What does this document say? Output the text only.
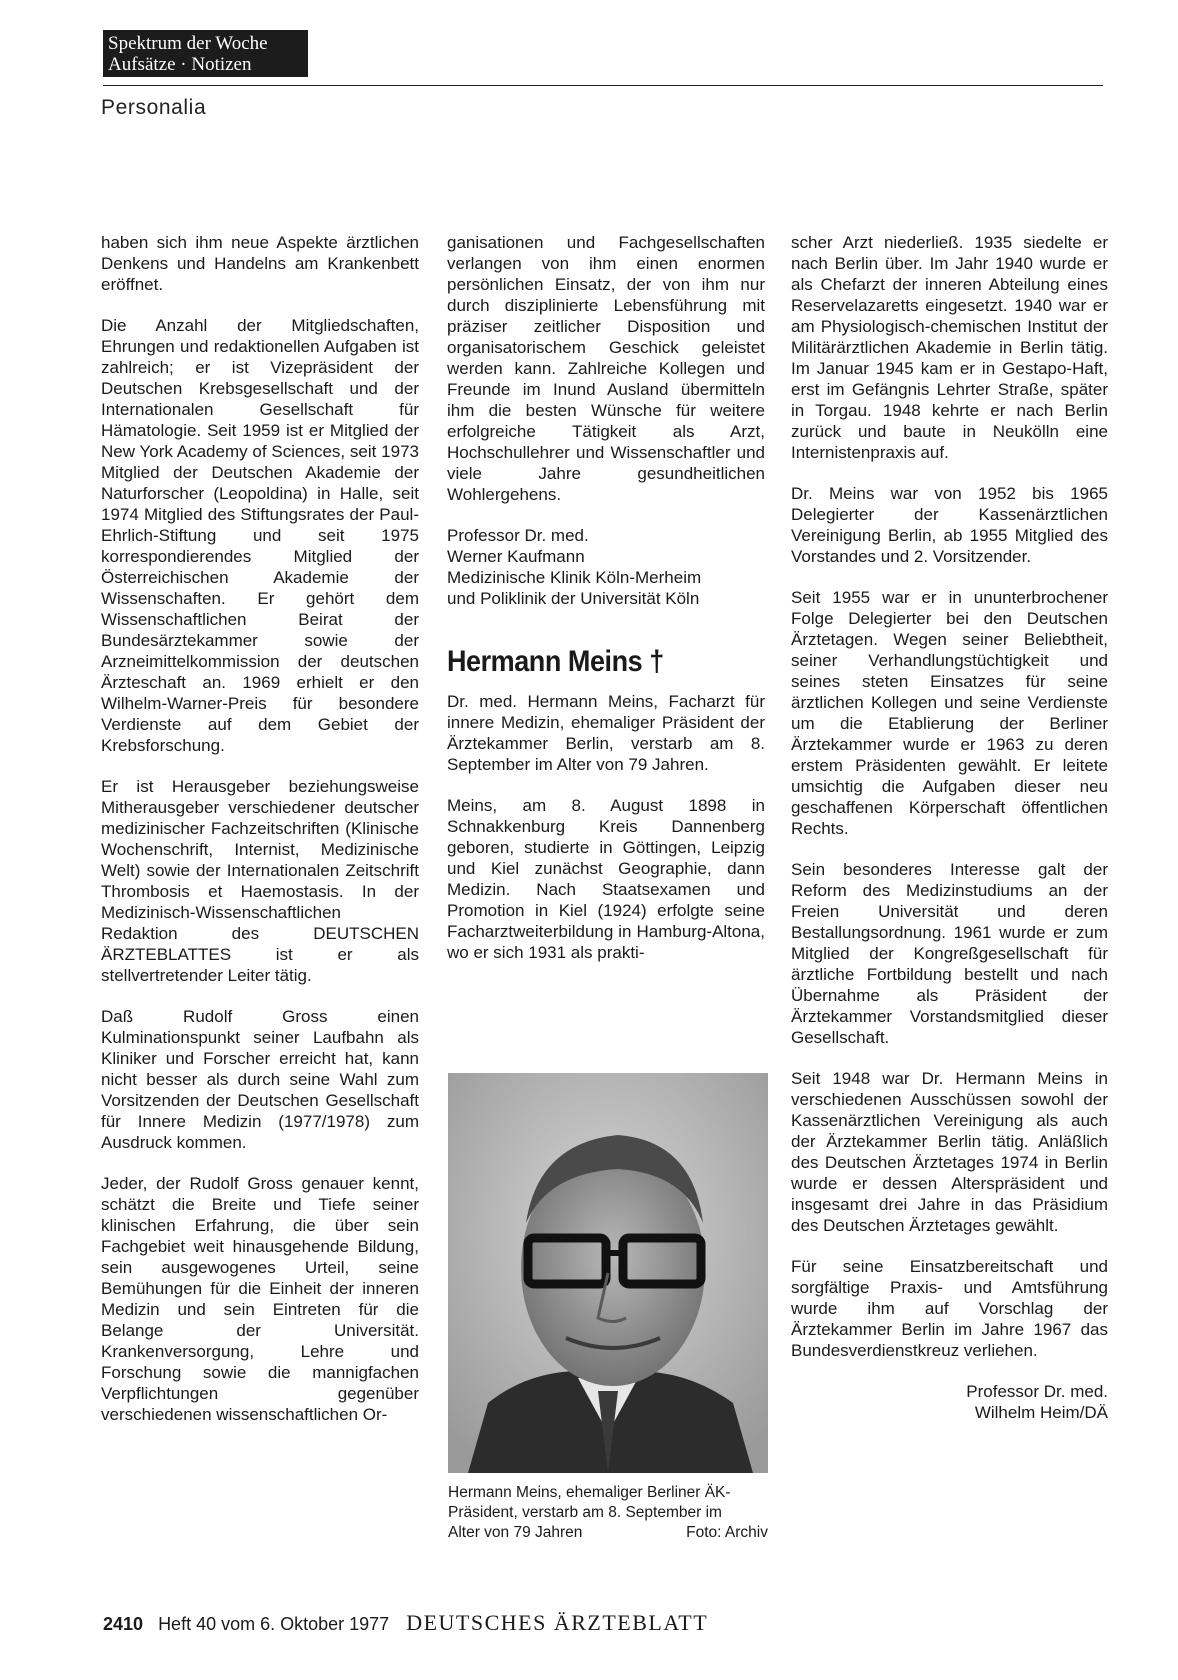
Spektrum der Woche
Aufsätze · Notizen
Personalia

haben sich ihm neue Aspekte ärztlichen Denkens und Handelns am Krankenbett eröffnet.

Die Anzahl der Mitgliedschaften, Ehrungen und redaktionellen Aufgaben ist zahlreich; er ist Vizepräsident der Deutschen Krebsgesellschaft und der Internationalen Gesellschaft für Hämatologie. Seit 1959 ist er Mitglied der New York Academy of Sciences, seit 1973 Mitglied der Deutschen Akademie der Naturforscher (Leopoldina) in Halle, seit 1974 Mitglied des Stiftungsrates der Paul-Ehrlich-Stiftung und seit 1975 korrespondierendes Mitglied der Österreichischen Akademie der Wissenschaften. Er gehört dem Wissenschaftlichen Beirat der Bundesärztekammer sowie der Arzneimittelkommission der deutschen Ärzteschaft an. 1969 erhielt er den Wilhelm-Warner-Preis für besondere Verdienste auf dem Gebiet der Krebsforschung.

Er ist Herausgeber beziehungsweise Mitherausgeber verschiedener deutscher medizinischer Fachzeitschriften (Klinische Wochenschrift, Internist, Medizinische Welt) sowie der Internationalen Zeitschrift Thrombosis et Haemostasis. In der Medizinisch-Wissenschaftlichen Redaktion des DEUTSCHEN ÄRZTEBLATTES ist er als stellvertretender Leiter tätig.

Daß Rudolf Gross einen Kulminationspunkt seiner Laufbahn als Kliniker und Forscher erreicht hat, kann nicht besser als durch seine Wahl zum Vorsitzenden der Deutschen Gesellschaft für Innere Medizin (1977/1978) zum Ausdruck kommen.

Jeder, der Rudolf Gross genauer kennt, schätzt die Breite und Tiefe seiner klinischen Erfahrung, die über sein Fachgebiet weit hinausgehende Bildung, sein ausgewogenes Urteil, seine Bemühungen für die Einheit der inneren Medizin und sein Eintreten für die Belange der Universität. Krankenversorgung, Lehre und Forschung sowie die mannigfachen Verpflichtungen gegenüber verschiedenen wissenschaftlichen Or-

ganisationen und Fachgesellschaften verlangen von ihm einen enormen persönlichen Einsatz, der von ihm nur durch disziplinierte Lebensführung mit präziser zeitlicher Disposition und organisatorischem Geschick geleistet werden kann. Zahlreiche Kollegen und Freunde im Inund Ausland übermitteln ihm die besten Wünsche für weitere erfolgreiche Tätigkeit als Arzt, Hochschullehrer und Wissenschaftler und viele Jahre gesundheitlichen Wohlergehens.

Professor Dr. med.
Werner Kaufmann
Medizinische Klinik Köln-Merheim
und Poliklinik der Universität Köln
Hermann Meins †

Dr. med. Hermann Meins, Facharzt für innere Medizin, ehemaliger Präsident der Ärztekammer Berlin, verstarb am 8. September im Alter von 79 Jahren.

Meins, am 8. August 1898 in Schnakkenburg Kreis Dannenberg geboren, studierte in Göttingen, Leipzig und Kiel zunächst Geographie, dann Medizin. Nach Staatsexamen und Promotion in Kiel (1924) erfolgte seine Facharztweiterbildung in Hamburg-Altona, wo er sich 1931 als prakti-

Hermann Meins, ehemaliger Berliner ÄK-
Präsident, verstarb am 8. September im
Alter von 79 Jahren	Foto: Archiv

scher Arzt niederließ. 1935 siedelte er nach Berlin über. Im Jahr 1940 wurde er als Chefarzt der inneren Abteilung eines Reservelazaretts eingesetzt. 1940 war er am Physiologisch-chemischen Institut der Militärärztlichen Akademie in Berlin tätig. Im Januar 1945 kam er in Gestapo-Haft, erst im Gefängnis Lehrter Straße, später in Torgau. 1948 kehrte er nach Berlin zurück und baute in Neukölln eine Internistenpraxis auf.

Dr. Meins war von 1952 bis 1965 Delegierter der Kassenärztlichen Vereinigung Berlin, ab 1955 Mitglied des Vorstandes und 2. Vorsitzender.

Seit 1955 war er in ununterbrochener Folge Delegierter bei den Deutschen Ärztetagen. Wegen seiner Beliebtheit, seiner Verhandlungstüchtigkeit und seines steten Einsatzes für seine ärztlichen Kollegen und seine Verdienste um die Etablierung der Berliner Ärztekammer wurde er 1963 zu deren erstem Präsidenten gewählt. Er leitete umsichtig die Aufgaben dieser neu geschaffenen Körperschaft öffentlichen Rechts.

Sein besonderes Interesse galt der Reform des Medizinstudiums an der Freien Universität und deren Bestallungsordnung. 1961 wurde er zum Mitglied der Kongreßgesellschaft für ärztliche Fortbildung bestellt und nach Übernahme als Präsident der Ärztekammer Vorstandsmitglied dieser Gesellschaft.

Seit 1948 war Dr. Hermann Meins in verschiedenen Ausschüssen sowohl der Kassenärztlichen Vereinigung als auch der Ärztekammer Berlin tätig. Anläßlich des Deutschen Ärztetages 1974 in Berlin wurde er dessen Alterspräsident und insgesamt drei Jahre in das Präsidium des Deutschen Ärztetages gewählt.

Für seine Einsatzbereitschaft und sorgfältige Praxis- und Amtsführung wurde ihm auf Vorschlag der Ärztekammer Berlin im Jahre 1967 das Bundesverdienstkreuz verliehen.

Professor Dr. med.
Wilhelm Heim/DÄ
2410 Heft 40 vom 6. Oktober 1977 DEUTSCHES ÄRZTEBLATT
